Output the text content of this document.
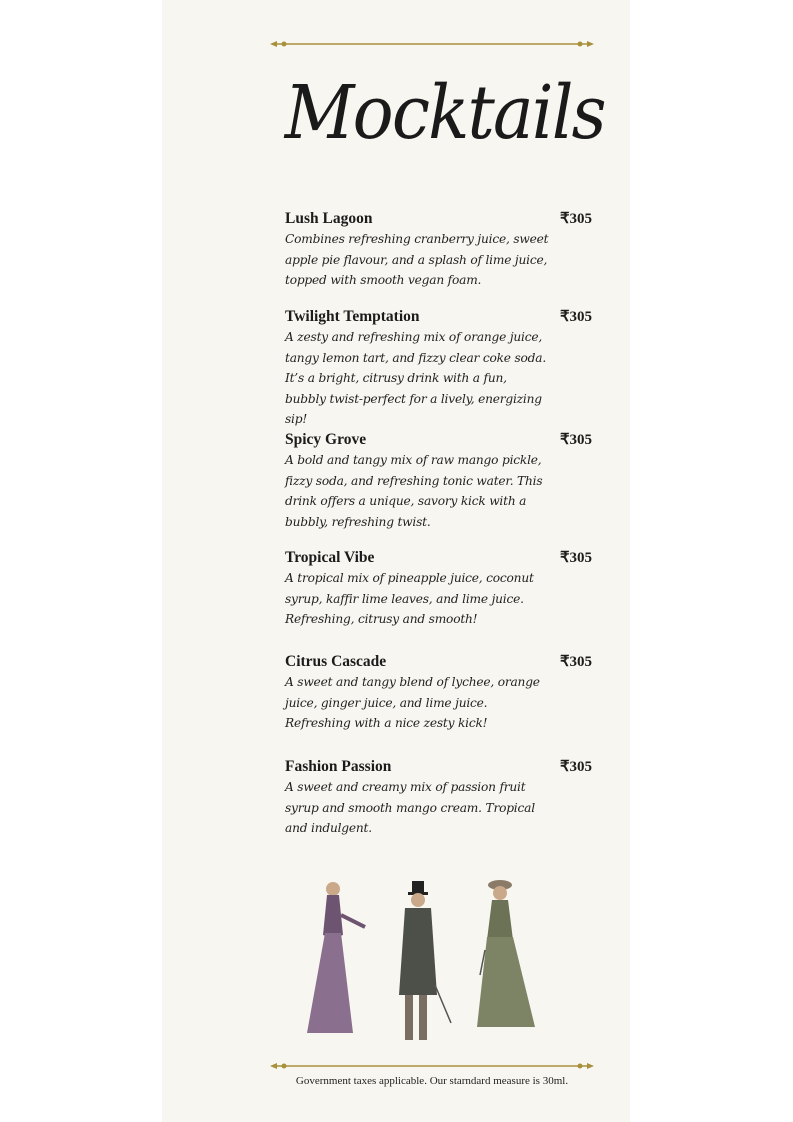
Mocktails
Lush Lagoon	₹305
Combines refreshing cranberry juice, sweet apple pie flavour, and a splash of lime juice, topped with smooth vegan foam.
Twilight Temptation	₹305
A zesty and refreshing mix of orange juice, tangy lemon tart, and fizzy clear coke soda. It’s a bright, citrusy drink with a fun, bubbly twist-perfect for a lively, energizing sip!
Spicy Grove	₹305
A bold and tangy mix of raw mango pickle, fizzy soda, and refreshing tonic water. This drink offers a unique, savory kick with a bubbly, refreshing twist.
Tropical Vibe	₹305
A tropical mix of pineapple juice, coconut syrup, kaffir lime leaves, and lime juice. Refreshing, citrusy and smooth!
Citrus Cascade	₹305
A sweet and tangy blend of lychee, orange juice, ginger juice, and lime juice. Refreshing with a nice zesty kick!
Fashion Passion	₹305
A sweet and creamy mix of passion fruit syrup and smooth mango cream. Tropical and indulgent.
Government taxes applicable. Our starndard measure is 30ml.
